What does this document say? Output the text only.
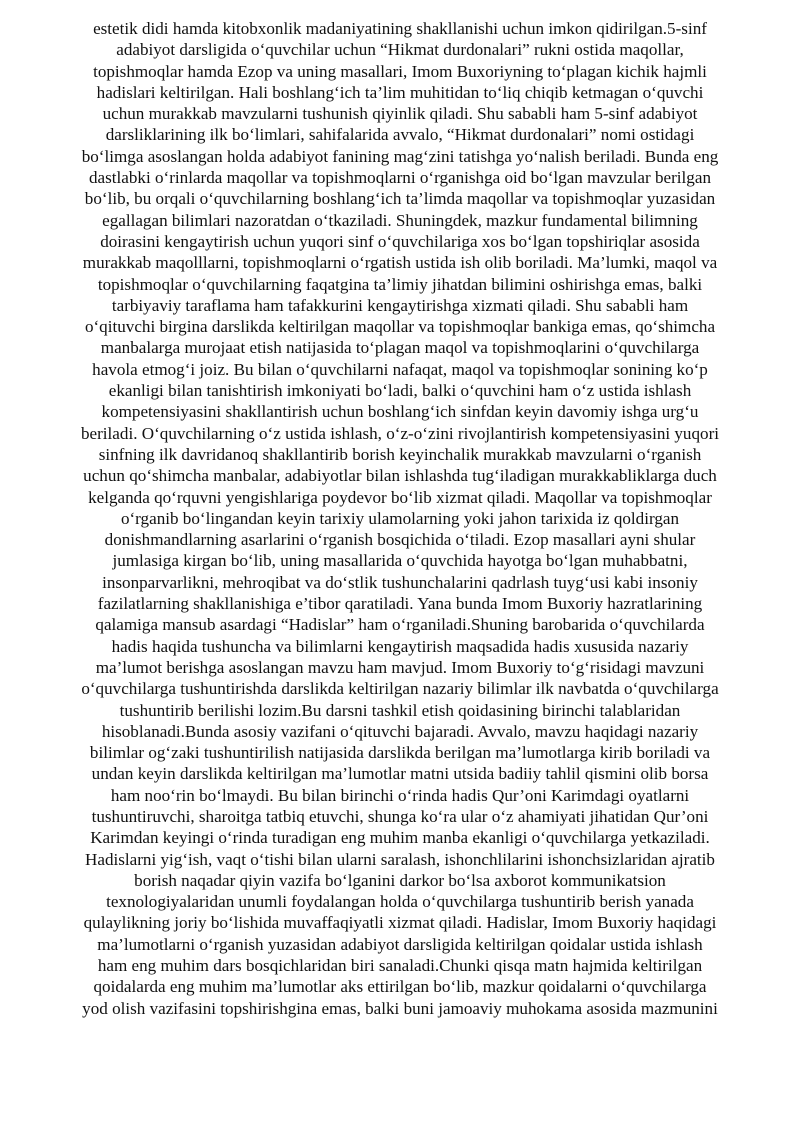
estetik didi hamda kitobxonlik madaniyatining shakllanishi uchun imkon qidirilgan.5-sinf
adabiyot darsligida o‘quvchilar uchun “Hikmat durdonalari” rukni ostida maqollar,
topishmoqlar hamda Ezop va uning masallari, Imom Buxoriyning to‘plagan kichik hajmli
hadislari keltirilgan. Hali boshlang‘ich ta’lim muhitidan to‘liq chiqib ketmagan o‘quvchi
uchun murakkab mavzularni tushunish qiyinlik qiladi. Shu sababli ham 5-sinf adabiyot
darsliklarining ilk bo‘limlari, sahifalarida avvalo, “Hikmat durdonalari” nomi ostidagi
bo‘limga asoslangan holda adabiyot fanining mag‘zini tatishga yo‘nalish beriladi. Bunda eng
dastlabki o‘rinlarda maqollar va topishmoqlarni o‘rganishga oid bo‘lgan mavzular berilgan
bo‘lib, bu orqali o‘quvchilarning boshlang‘ich ta’limda maqollar va topishmoqlar yuzasidan
egallagan bilimlari nazoratdan o‘tkaziladi. Shuningdek, mazkur fundamental bilimning
doirasini kengaytirish uchun yuqori sinf o‘quvchilariga xos bo‘lgan topshiriqlar asosida
murakkab maqolllarni, topishmoqlarni o‘rgatish ustida ish olib boriladi. Ma’lumki, maqol va
topishmoqlar o‘quvchilarning faqatgina ta’limiy jihatdan bilimini oshirishga emas, balki
tarbiyaviy taraflama ham tafakkurini kengaytirishga xizmati qiladi. Shu sababli ham
o‘qituvchi birgina darslikda keltirilgan maqollar va topishmoqlar bankiga emas, qo‘shimcha
manbalarga murojaat etish natijasida to‘plagan maqol va topishmoqlarini o‘quvchilarga
havola etmog‘i joiz. Bu bilan o‘quvchilarni nafaqat, maqol va topishmoqlar sonining ko‘p
ekanligi bilan tanishtirish imkoniyati bo‘ladi, balki o‘quvchini ham o‘z ustida ishlash
kompetensiyasini shakllantirish uchun boshlang‘ich sinfdan keyin davomiy ishga urg‘u
beriladi. O‘quvchilarning o‘z ustida ishlash, o‘z-o‘zini rivojlantirish kompetensiyasini yuqori
sinfning ilk davridanoq shakllantirib borish keyinchalik murakkab mavzularni o‘rganish
uchun qo‘shimcha manbalar, adabiyotlar bilan ishlashda tug‘iladigan murakkabliklarga duch
kelganda qo‘rquvni yengishlariga poydevor bo‘lib xizmat qiladi. Maqollar va topishmoqlar
o‘rganib bo‘lingandan keyin tarixiy ulamolarning yoki jahon tarixida iz qoldirgan
donishmandlarning asarlarini o‘rganish bosqichida o‘tiladi. Ezop masallari ayni shular
jumlasiga kirgan bo‘lib, uning masallarida o‘quvchida hayotga bo‘lgan muhabbatni,
insonparvarlikni, mehroqibat va do‘stlik tushunchalarini qadrlash tuyg‘usi kabi insoniy
fazilatlarning shakllanishiga e’tibor qaratiladi. Yana bunda Imom Buxoriy hazratlarining
qalamiga mansub asardagi “Hadislar” ham o‘rganiladi.Shuning barobarida o‘quvchilarda
hadis haqida tushuncha va bilimlarni kengaytirish maqsadida hadis xususida nazariy
ma’lumot berishga asoslangan mavzu ham mavjud. Imom Buxoriy to‘g‘risidagi mavzuni
o‘quvchilarga tushuntirishda darslikda keltirilgan nazariy bilimlar ilk navbatda o‘quvchilarga
tushuntirib berilishi lozim.Bu darsni tashkil etish qoidasining birinchi talablaridan
hisoblanadi.Bunda asosiy vazifani o‘qituvchi bajaradi. Avvalo, mavzu haqidagi nazariy
bilimlar og‘zaki tushuntirilish natijasida darslikda berilgan ma’lumotlarga kirib boriladi va
undan keyin darslikda keltirilgan ma’lumotlar matni utsida badiiy tahlil qismini olib borsa
ham noo‘rin bo‘lmaydi. Bu bilan birinchi o‘rinda hadis Qur’oni Karimdagi oyatlarni
tushuntiruvchi, sharoitga tatbiq etuvchi, shunga ko‘ra ular o‘z ahamiyati jihatidan Qur’oni
Karimdan keyingi o‘rinda turadigan eng muhim manba ekanligi o‘quvchilarga yetkaziladi.
Hadislarni yig‘ish, vaqt o‘tishi bilan ularni saralash, ishonchlilarini ishonchsizlaridan ajratib
borish naqadar qiyin vazifa bo‘lganini darkor bo‘lsa axborot kommunikatsion
texnologiyalaridan unumli foydalangan holda o‘quvchilarga tushuntirib berish yanada
qulaylikning joriy bo‘lishida muvaffaqiyatli xizmat qiladi. Hadislar, Imom Buxoriy haqidagi
ma’lumotlarni o‘rganish yuzasidan adabiyot darsligida keltirilgan qoidalar ustida ishlash
ham eng muhim dars bosqichlaridan biri sanaladi.Chunki qisqa matn hajmida keltirilgan
qoidalarda eng muhim ma’lumotlar aks ettirilgan bo‘lib, mazkur qoidalarni o‘quvchilarga
yod olish vazifasini topshirishgina emas, balki buni jamoaviy muhokama asosida mazmunini
